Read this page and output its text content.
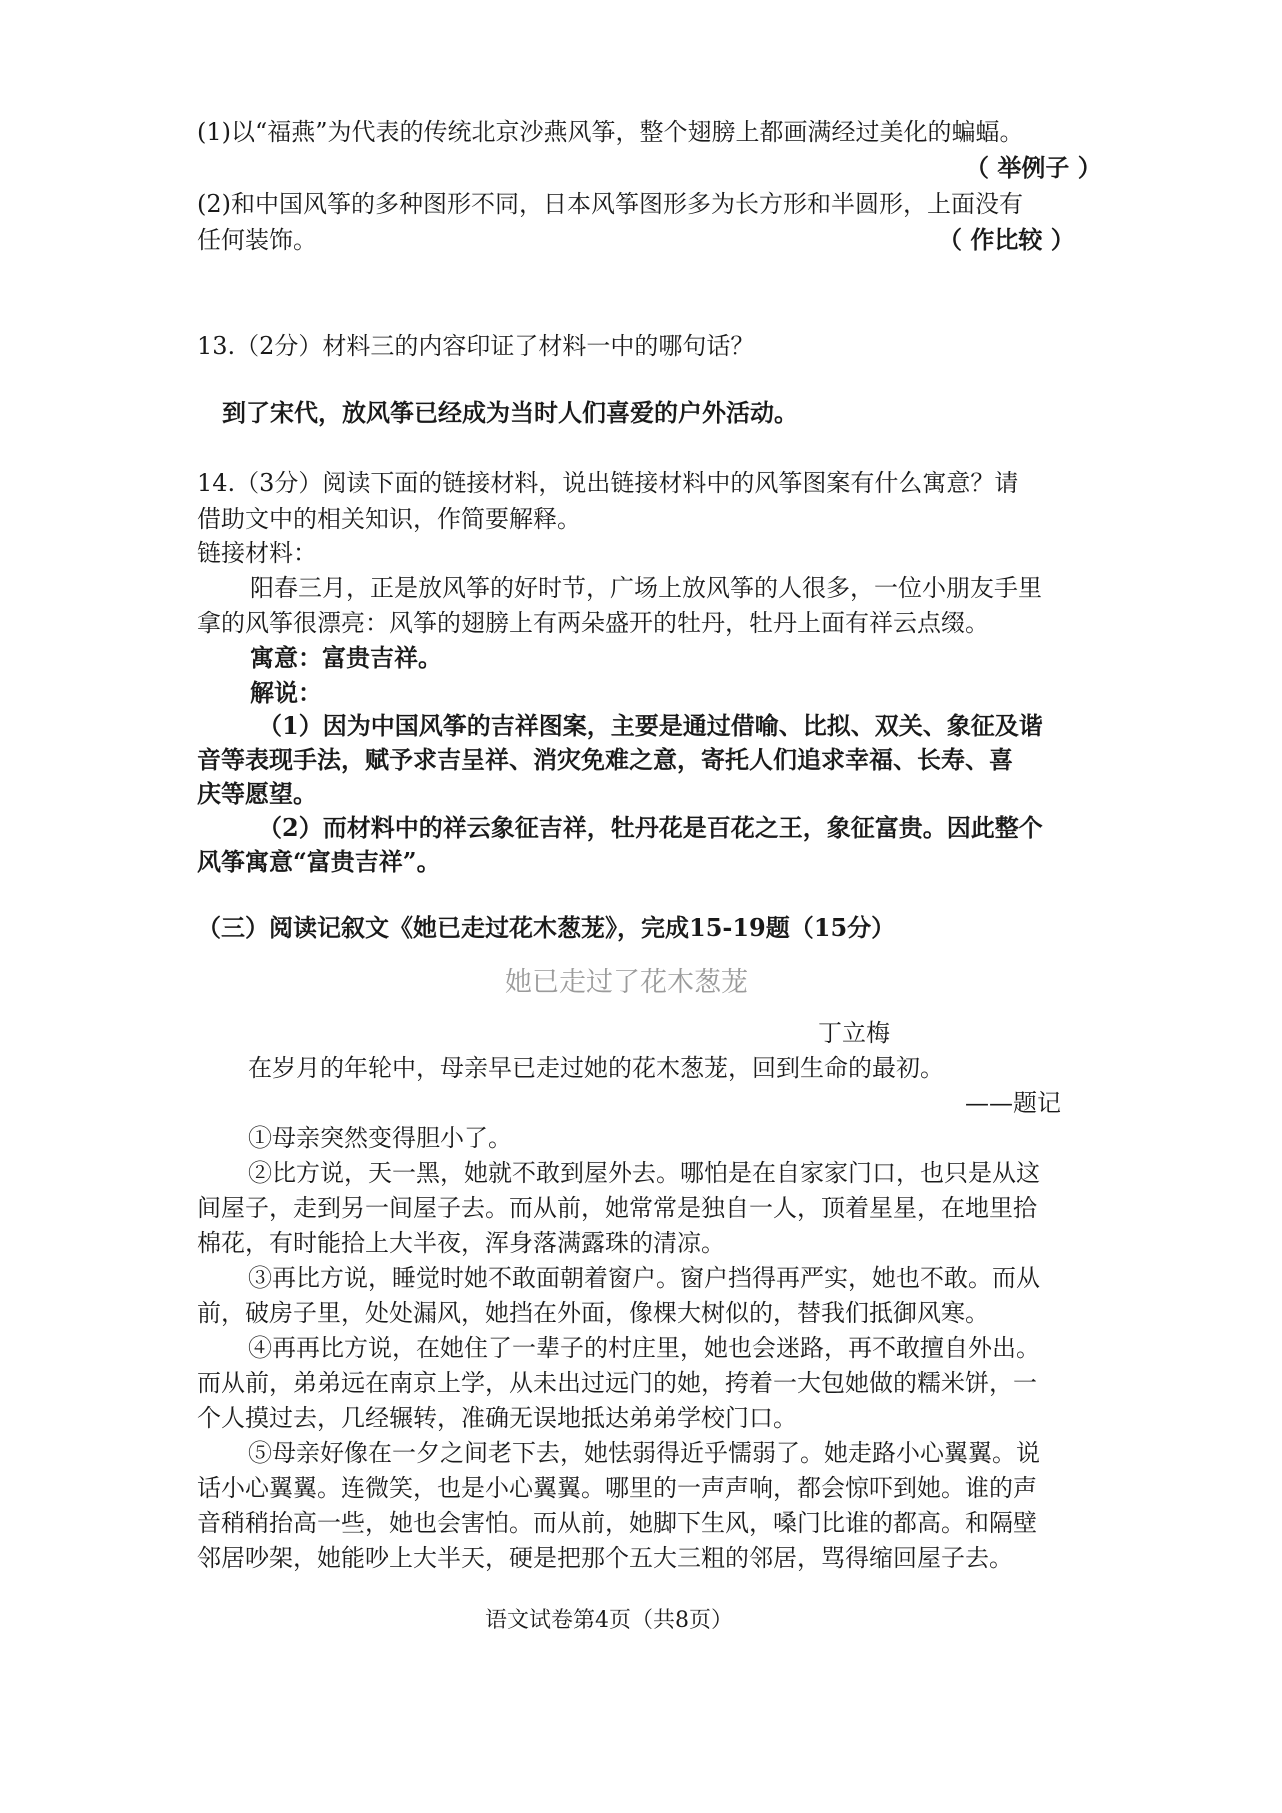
(1)以“福燕”为代表的传统北京沙燕风筝，整个翅膀上都画满经过美化的蝙蝠。
（ 举例子 ）
(2)和中国风筝的多种图形不同，日本风筝图形多为长方形和半圆形，上面没有
任何装饰。	（ 作比较 ）
13.（2分）材料三的内容印证了材料一中的哪句话？
到了宋代，放风筝已经成为当时人们喜爱的户外活动。
14.（3分）阅读下面的链接材料，说出链接材料中的风筝图案有什么寓意？请
借助文中的相关知识，作简要解释。
链接材料：
阳春三月，正是放风筝的好时节，广场上放风筝的人很多，一位小朋友手里
拿的风筝很漂亮：风筝的翅膀上有两朵盛开的牡丹，牡丹上面有祥云点缀。
寓意：富贵吉祥。
解说：
（1）因为中国风筝的吉祥图案，主要是通过借喻、比拟、双关、象征及谐
音等表现手法，赋予求吉呈祥、消灾免难之意，寄托人们追求幸福、长寿、喜
庆等愿望。
（2）而材料中的祥云象征吉祥，牡丹花是百花之王，象征富贵。因此整个
风筝寓意“富贵吉祥”。
（三）阅读记叙文《她已走过花木葱茏》，完成15-19题（15分）
她已走过了花木葱茏
丁立梅
在岁月的年轮中，母亲早已走过她的花木葱茏，回到生命的最初。
——题记
①母亲突然变得胆小了。
②比方说，天一黑，她就不敢到屋外去。哪怕是在自家家门口，也只是从这
间屋子，走到另一间屋子去。而从前，她常常是独自一人，顶着星星，在地里拾
棉花，有时能拾上大半夜，浑身落满露珠的清凉。
③再比方说，睡觉时她不敢面朝着窗户。窗户挡得再严实，她也不敢。而从
前，破房子里，处处漏风，她挡在外面，像棵大树似的，替我们抵御风寒。
④再再比方说，在她住了一辈子的村庄里，她也会迷路，再不敢擅自外出。
而从前，弟弟远在南京上学，从未出过远门的她，挎着一大包她做的糯米饼，一
个人摸过去，几经辗转，准确无误地抵达弟弟学校门口。
⑤母亲好像在一夕之间老下去，她怯弱得近乎懦弱了。她走路小心翼翼。说
话小心翼翼。连微笑，也是小心翼翼。哪里的一声声响，都会惊吓到她。谁的声
音稍稍抬高一些，她也会害怕。而从前，她脚下生风，嗓门比谁的都高。和隔壁
邻居吵架，她能吵上大半天，硬是把那个五大三粗的邻居，骂得缩回屋子去。
语文试卷第4页（共8页）
